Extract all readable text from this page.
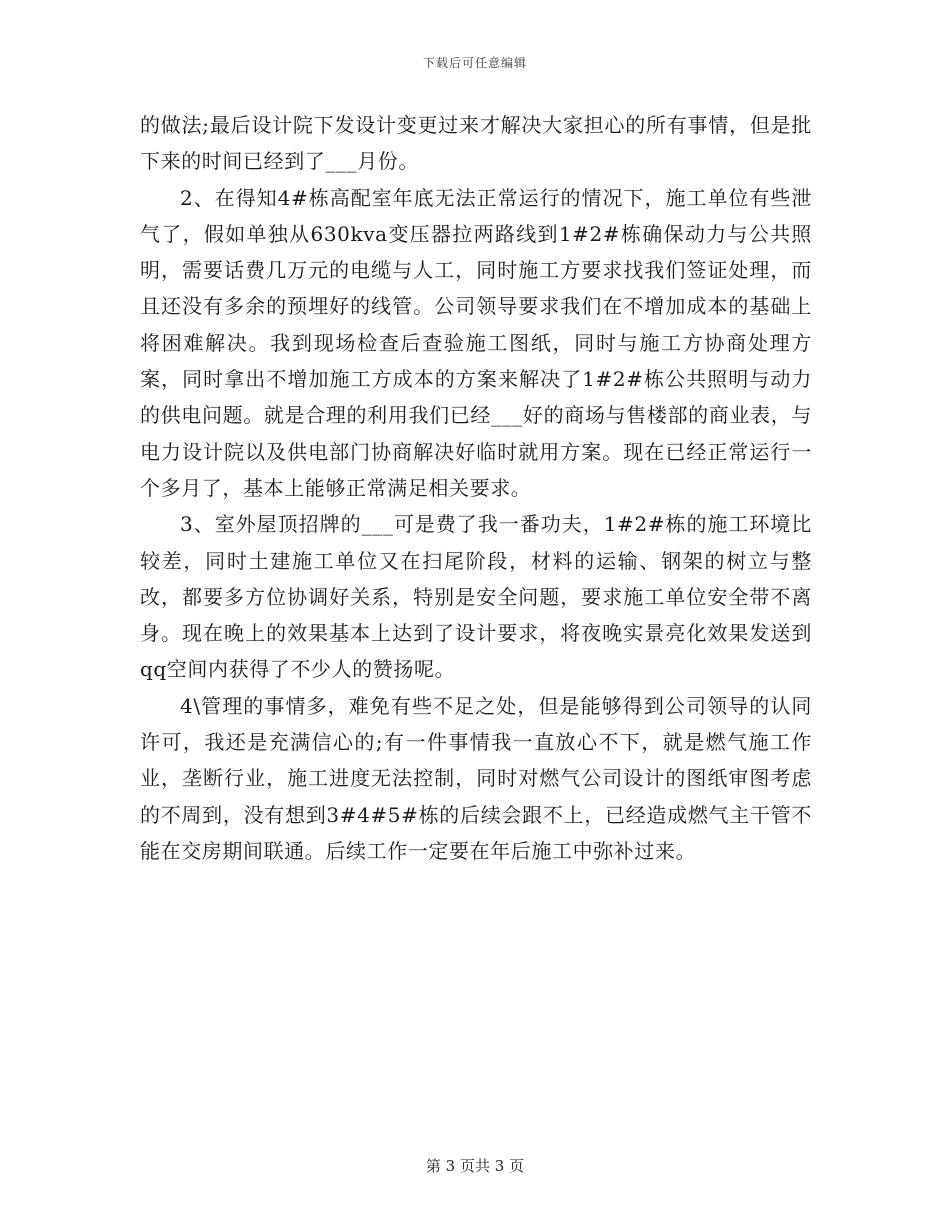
下载后可任意编辑

的做法;最后设计院下发设计变更过来才解决大家担心的所有事情，但是批下来的时间已经到了___月份。

2、在得知4#栋高配室年底无法正常运行的情况下，施工单位有些泄气了，假如单独从630kva变压器拉两路线到1#2#栋确保动力与公共照明，需要话费几万元的电缆与人工，同时施工方要求找我们签证处理，而且还没有多余的预埋好的线管。公司领导要求我们在不增加成本的基础上将困难解决。我到现场检查后查验施工图纸，同时与施工方协商处理方案，同时拿出不增加施工方成本的方案来解决了1#2#栋公共照明与动力的供电问题。就是合理的利用我们已经___好的商场与售楼部的商业表，与电力设计院以及供电部门协商解决好临时就用方案。现在已经正常运行一个多月了，基本上能够正常满足相关要求。

3、室外屋顶招牌的___可是费了我一番功夫，1#2#栋的施工环境比较差，同时土建施工单位又在扫尾阶段，材料的运输、钢架的树立与整改，都要多方位协调好关系，特别是安全问题，要求施工单位安全带不离身。现在晚上的效果基本上达到了设计要求，将夜晚实景亮化效果发送到qq空间内获得了不少人的赞扬呢。

4\管理的事情多，难免有些不足之处，但是能够得到公司领导的认同许可，我还是充满信心的;有一件事情我一直放心不下，就是燃气施工作业，垄断行业，施工进度无法控制，同时对燃气公司设计的图纸审图考虑的不周到，没有想到3#4#5#栋的后续会跟不上，已经造成燃气主干管不能在交房期间联通。后续工作一定要在年后施工中弥补过来。

第 3 页共 3 页
